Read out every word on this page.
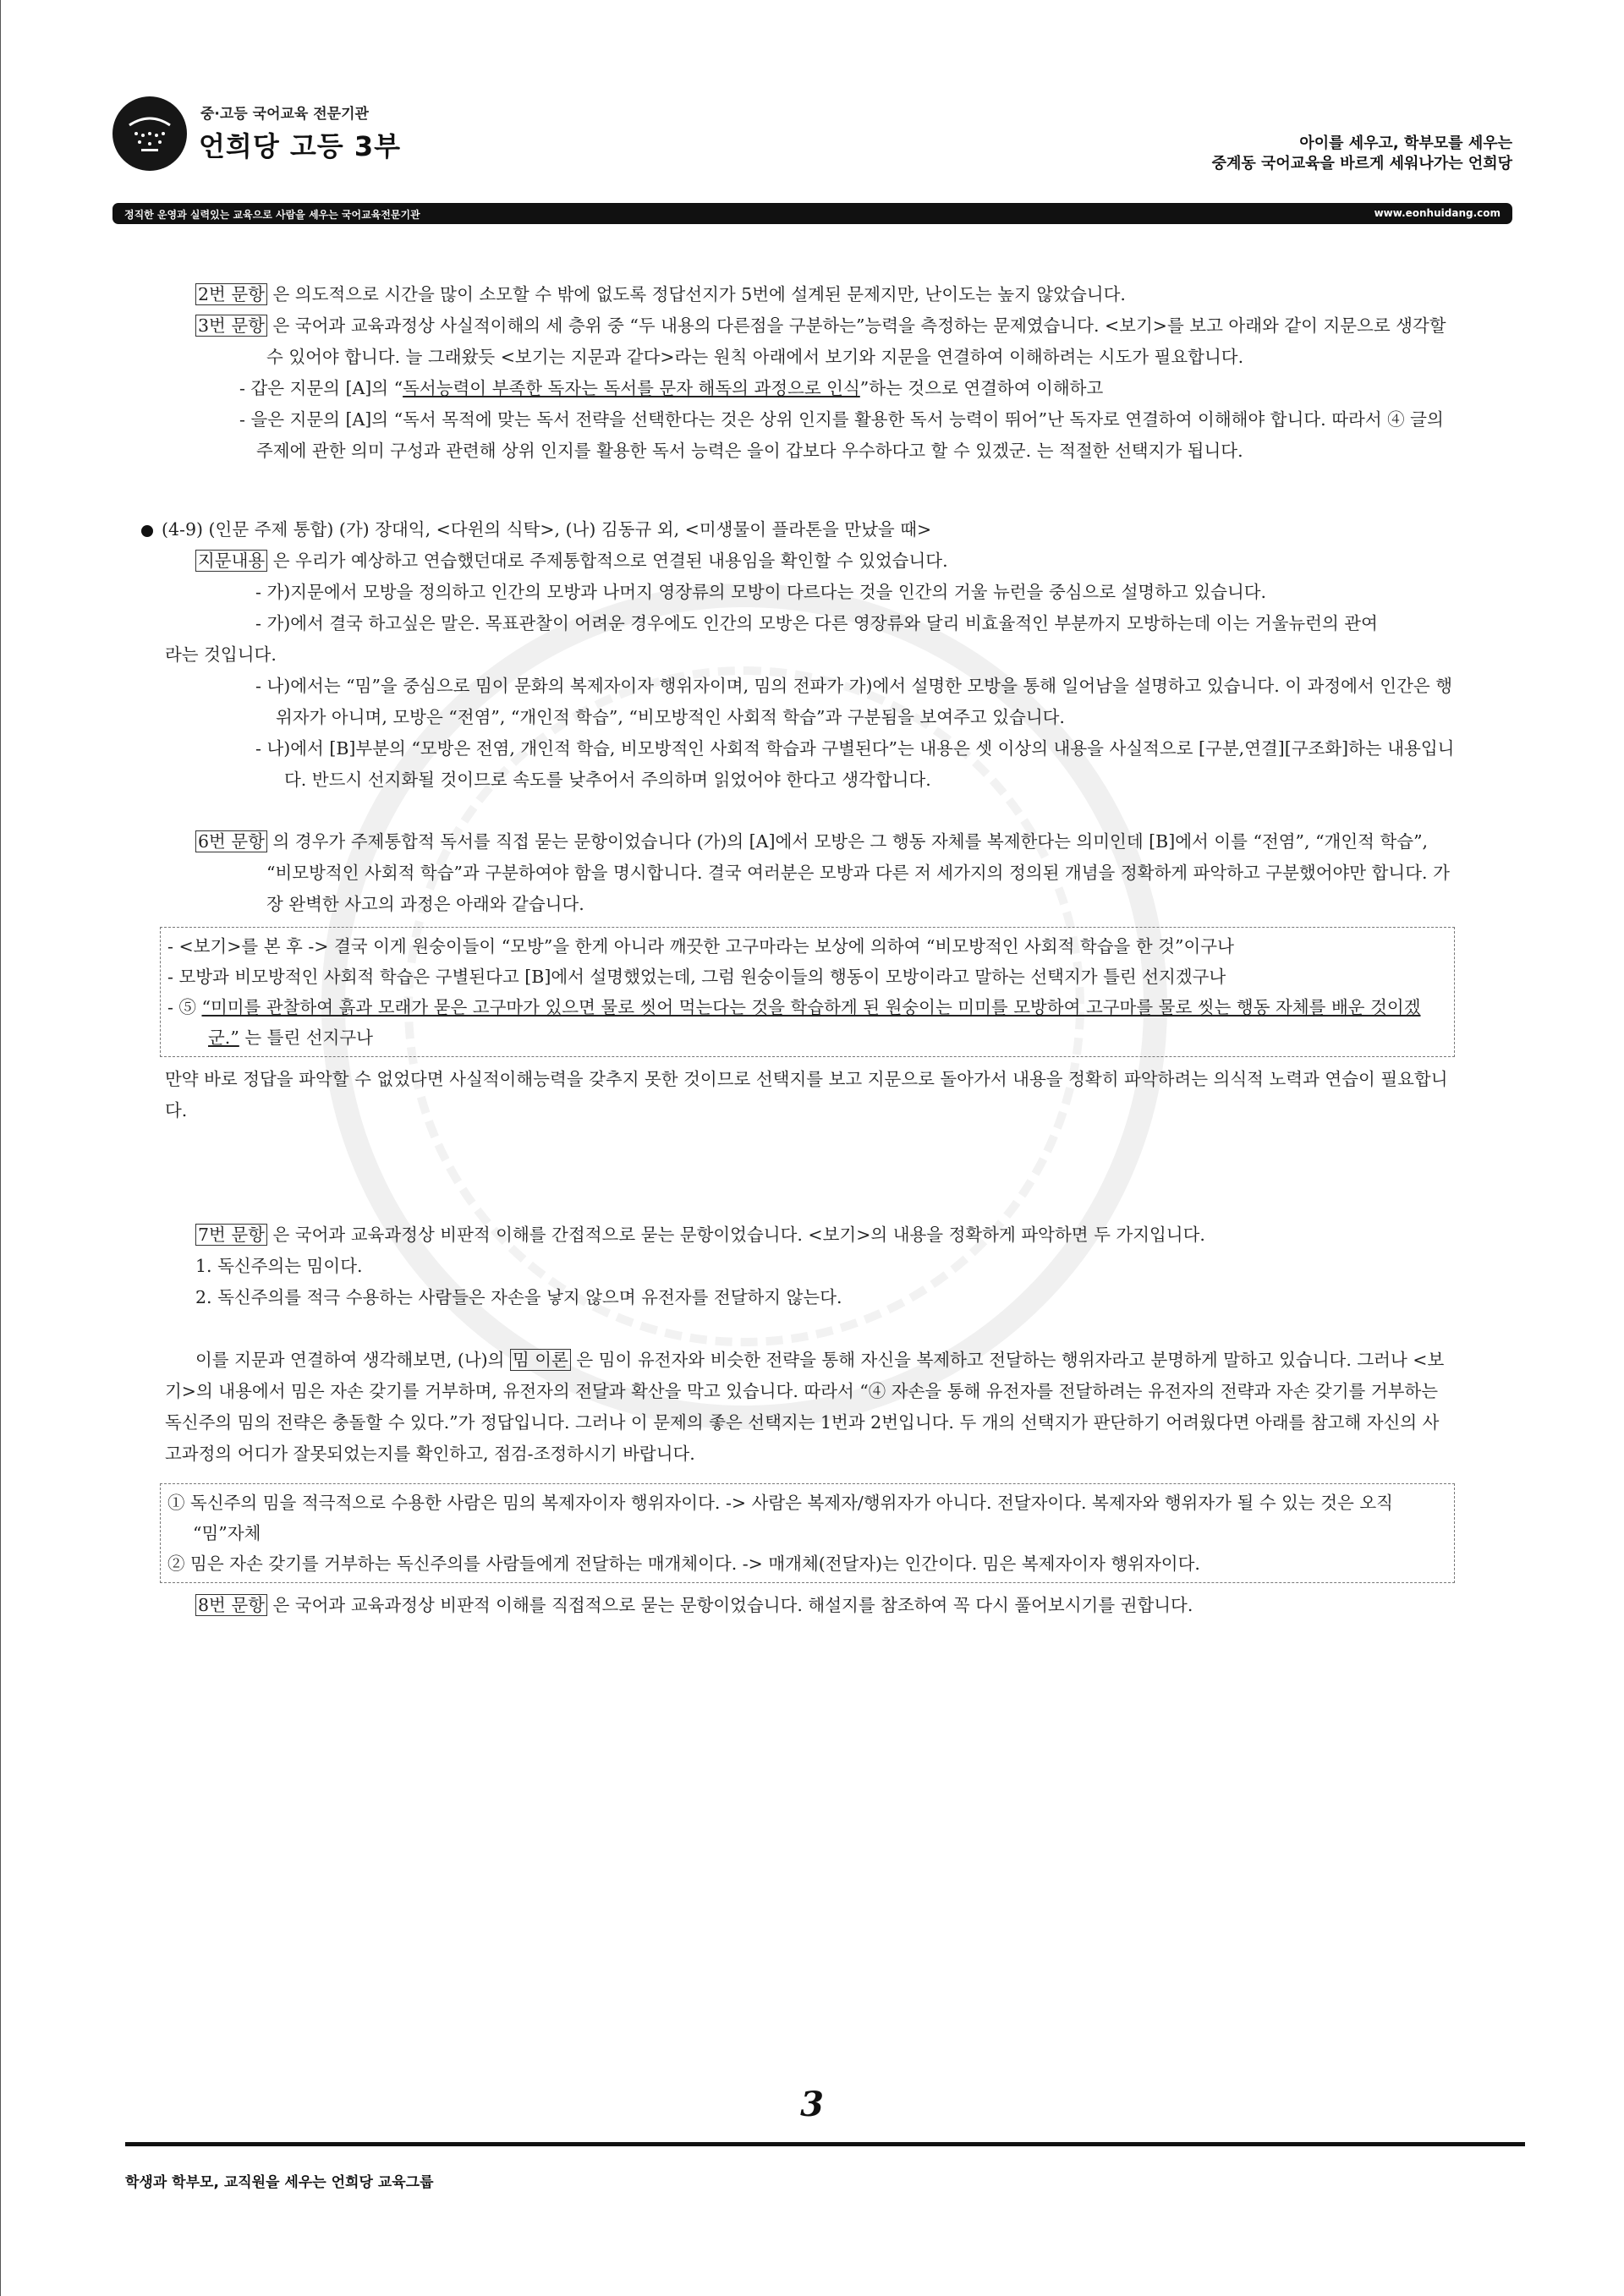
중·고등 국어교육 전문기관
언희당 고등 3부	아이를 세우고, 학부모를 세우는
중계동 국어교육을 바르게 세워나가는 언희당
정직한 운영과 실력있는 교육으로 사람을 세우는 국어교육전문기관	www.eonhuidang.com

2번 문항 은 의도적으로 시간을 많이 소모할 수 밖에 없도록 정답선지가 5번에 설계된 문제지만, 난이도는 높지 않았습니다.

3번 문항 은 국어과 교육과정상 사실적이해의 세 층위 중 “두 내용의 다른점을 구분하는”능력을 측정하는 문제였습니다. <보기>를 보고 아래와 같이 지문으로 생각할 수 있어야 합니다. 늘 그래왔듯 <보기는 지문과 같다>라는 원칙 아래에서 보기와 지문을 연결하여 이해하려는 시도가 필요합니다.

- 갑은 지문의 [A]의 “독서능력이 부족한 독자는 독서를 문자 해독의 과정으로 인식”하는 것으로 연결하여 이해하고

- 을은 지문의 [A]의 “독서 목적에 맞는 독서 전략을 선택한다는 것은 상위 인지를 활용한 독서 능력이 뛰어”난 독자로 연결하여 이해해야 합니다. 따라서 ④ 글의 주제에 관한 의미 구성과 관련해 상위 인지를 활용한 독서 능력은 을이 갑보다 우수하다고 할 수 있겠군. 는 적절한 선택지가 됩니다.

(4-9) (인문 주제 통합) (가) 장대익, <다윈의 식탁>, (나) 김동규 외, <미생물이 플라톤을 만났을 때>

지문내용 은 우리가 예상하고 연습했던대로 주제통합적으로 연결된 내용임을 확인할 수 있었습니다.

- 가)지문에서 모방을 정의하고 인간의 모방과 나머지 영장류의 모방이 다르다는 것을 인간의 거울 뉴런을 중심으로 설명하고 있습니다.

- 가)에서 결국 하고싶은 말은. 목표관찰이 어려운 경우에도 인간의 모방은 다른 영장류와 달리 비효율적인 부분까지 모방하는데 이는 거울뉴런의 관여

라는 것입니다.

- 나)에서는 “밈”을 중심으로 밈이 문화의 복제자이자 행위자이며, 밈의 전파가 가)에서 설명한 모방을 통해 일어남을 설명하고 있습니다. 이 과정에서 인간은 행위자가 아니며, 모방은 “전염”, “개인적 학습”, “비모방적인 사회적 학습”과 구분됨을 보여주고 있습니다.

- 나)에서 [B]부분의 “모방은 전염, 개인적 학습, 비모방적인 사회적 학습과 구별된다”는 내용은 셋 이상의 내용을 사실적으로 [구분,연결][구조화]하는 내용입니다. 반드시 선지화될 것이므로 속도를 낮추어서 주의하며 읽었어야 한다고 생각합니다.

6번 문항 의 경우가 주제통합적 독서를 직접 묻는 문항이었습니다 (가)의 [A]에서 모방은 그 행동 자체를 복제한다는 의미인데 [B]에서 이를 “전염”, “개인적 학습”, “비모방적인 사회적 학습”과 구분하여야 함을 명시합니다. 결국 여러분은 모방과 다른 저 세가지의 정의된 개념을 정확하게 파악하고 구분했어야만 합니다. 가장 완벽한 사고의 과정은 아래와 같습니다.

- <보기>를 본 후 -> 결국 이게 원숭이들이 “모방”을 한게 아니라 깨끗한 고구마라는 보상에 의하여 “비모방적인 사회적 학습을 한 것”이구나
- 모방과 비모방적인 사회적 학습은 구별된다고 [B]에서 설명했었는데, 그럼 원숭이들의 행동이 모방이라고 말하는 선택지가 틀린 선지겠구나
- ⑤ “미미를 관찰하여 흙과 모래가 묻은 고구마가 있으면 물로 씻어 먹는다는 것을 학습하게 된 원숭이는 미미를 모방하여 고구마를 물로 씻는 행동 자체를 배운 것이겠군.” 는 틀린 선지구나

만약 바로 정답을 파악할 수 없었다면 사실적이해능력을 갖추지 못한 것이므로 선택지를 보고 지문으로 돌아가서 내용을 정확히 파악하려는 의식적 노력과 연습이 필요합니다.

7번 문항 은 국어과 교육과정상 비판적 이해를 간접적으로 묻는 문항이었습니다. <보기>의 내용을 정확하게 파악하면 두 가지입니다.

1. 독신주의는 밈이다.

2. 독신주의를 적극 수용하는 사람들은 자손을 낳지 않으며 유전자를 전달하지 않는다.

이를 지문과 연결하여 생각해보면, (나)의 밈 이론 은 밈이 유전자와 비슷한 전략을 통해 자신을 복제하고 전달하는 행위자라고 분명하게 말하고 있습니다. 그러나 <보기>의 내용에서 밈은 자손 갖기를 거부하며, 유전자의 전달과 확산을 막고 있습니다. 따라서 “④ 자손을 통해 유전자를 전달하려는 유전자의 전략과 자손 갖기를 거부하는 독신주의 밈의 전략은 충돌할 수 있다.”가 정답입니다. 그러나 이 문제의 좋은 선택지는 1번과 2번입니다. 두 개의 선택지가 판단하기 어려웠다면 아래를 참고해 자신의 사고과정의 어디가 잘못되었는지를 확인하고, 점검-조정하시기 바랍니다.

① 독신주의 밈을 적극적으로 수용한 사람은 밈의 복제자이자 행위자이다. -> 사람은 복제자/행위자가 아니다. 전달자이다. 복제자와 행위자가 될 수 있는 것은 오직
“밈”자체
② 밈은 자손 갖기를 거부하는 독신주의를 사람들에게 전달하는 매개체이다. -> 매개체(전달자)는 인간이다. 밈은 복제자이자 행위자이다.

8번 문항 은 국어과 교육과정상 비판적 이해를 직접적으로 묻는 문항이었습니다. 해설지를 참조하여 꼭 다시 풀어보시기를 권합니다.

3
학생과 학부모, 교직원을 세우는 언희당 교육그룹
